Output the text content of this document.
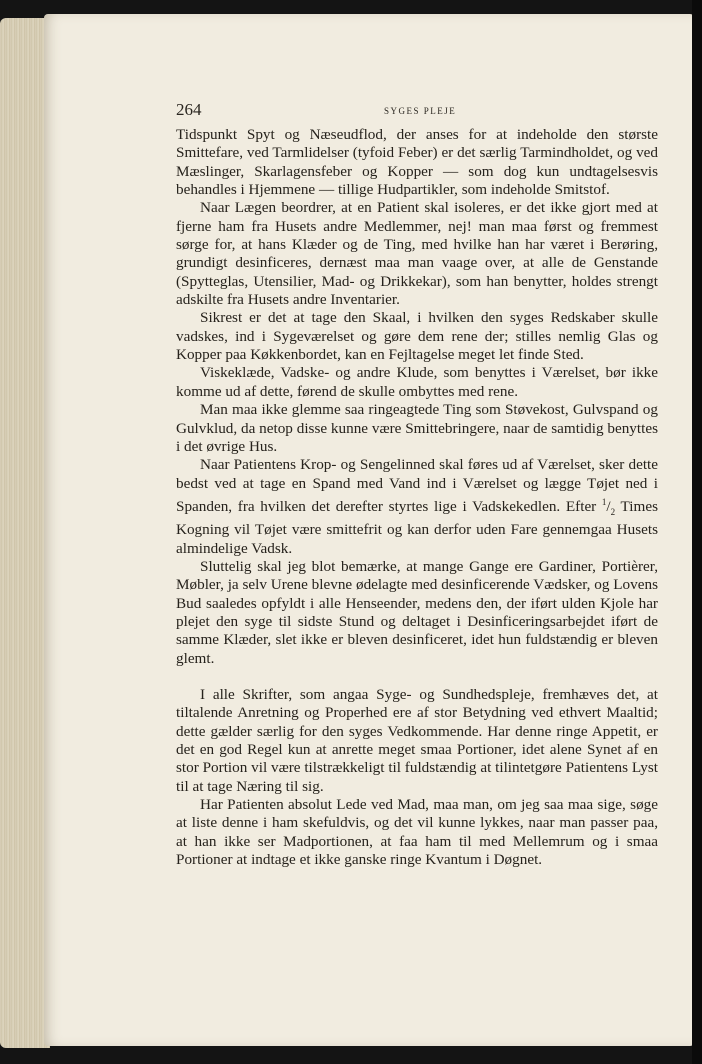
264	SYGES PLEJE

Tidspunkt Spyt og Næseudflod, der anses for at indeholde den største Smittefare, ved Tarmlidelser (tyfoid Feber) er det særlig Tarmindholdet, og ved Mæslinger, Skarlagensfeber og Kopper — som dog kun undtagelsesvis behandles i Hjemmene — tillige Hudpartikler, som indeholde Smitstof.

Naar Lægen beordrer, at en Patient skal isoleres, er det ikke gjort med at fjerne ham fra Husets andre Medlemmer, nej! man maa først og fremmest sørge for, at hans Klæder og de Ting, med hvilke han har været i Berøring, grundigt desinficeres, dernæst maa man vaage over, at alle de Genstande (Spytteglas, Utensilier, Mad- og Drikkekar), som han benytter, holdes strengt adskilte fra Husets andre Inventarier.

Sikrest er det at tage den Skaal, i hvilken den syges Redskaber skulle vadskes, ind i Sygeværelset og gøre dem rene der; stilles nemlig Glas og Kopper paa Køkkenbordet, kan en Fejltagelse meget let finde Sted.

Viskeklæde, Vadske- og andre Klude, som benyttes i Værelset, bør ikke komme ud af dette, førend de skulle ombyttes med rene.

Man maa ikke glemme saa ringeagtede Ting som Støvekost, Gulvspand og Gulvklud, da netop disse kunne være Smittebringere, naar de samtidig benyttes i det øvrige Hus.

Naar Patientens Krop- og Sengelinned skal føres ud af Værelset, sker dette bedst ved at tage en Spand med Vand ind i Værelset og lægge Tøjet ned i Spanden, fra hvilken det derefter styrtes lige i Vadskekedlen. Efter $^1/_2$ Times Kogning vil Tøjet være smittefrit og kan derfor uden Fare gennemgaa Husets almindelige Vadsk.

Sluttelig skal jeg blot bemærke, at mange Gange ere Gardiner, Portièrer, Møbler, ja selv Urene blevne ødelagte med desinficerende Vædsker, og Lovens Bud saaledes opfyldt i alle Henseender, medens den, der iført ulden Kjole har plejet den syge til sidste Stund og deltaget i Desinficeringsarbejdet iført de samme Klæder, slet ikke er bleven desinficeret, idet hun fuldstændig er bleven glemt.

I alle Skrifter, som angaa Syge- og Sundhedspleje, fremhæves det, at tiltalende Anretning og Properhed ere af stor Betydning ved ethvert Maaltid; dette gælder særlig for den syges Vedkommende. Har denne ringe Appetit, er det en god Regel kun at anrette meget smaa Portioner, idet alene Synet af en stor Portion vil være tilstrækkeligt til fuldstændig at tilintetgøre Patientens Lyst til at tage Næring til sig.

Har Patienten absolut Lede ved Mad, maa man, om jeg saa maa sige, søge at liste denne i ham skefuldvis, og det vil kunne lykkes, naar man passer paa, at han ikke ser Madportionen, at faa ham til med Mellemrum og i smaa Portioner at indtage et ikke ganske ringe Kvantum i Døgnet.
